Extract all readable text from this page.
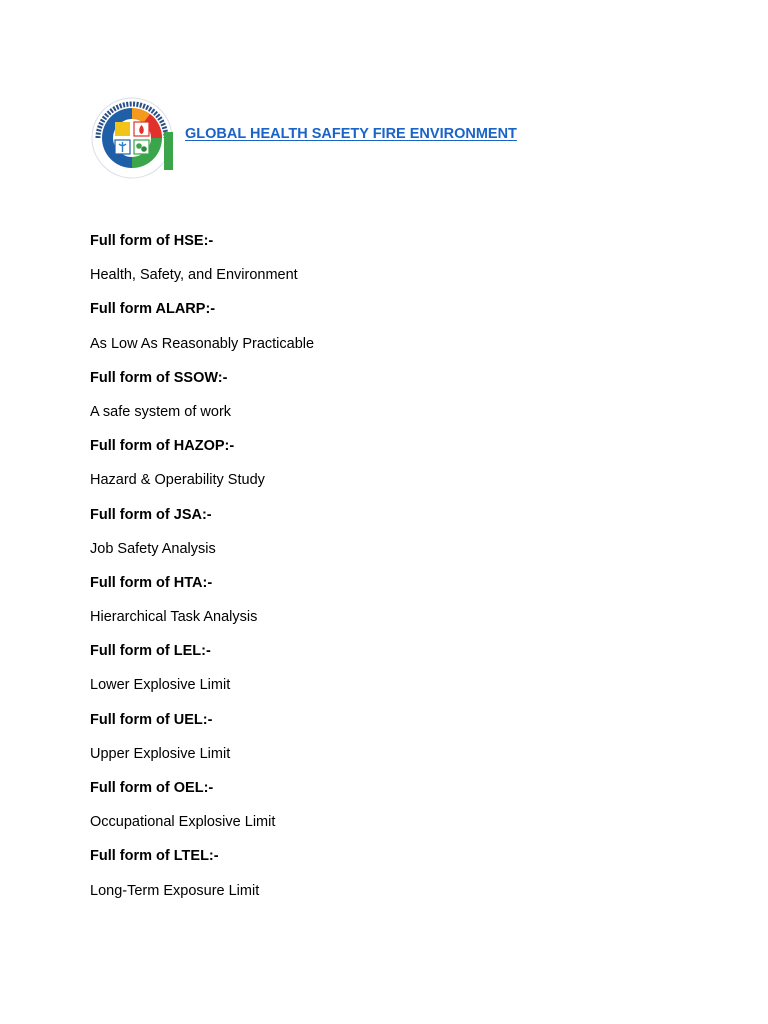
GLOBAL HEALTH SAFETY FIRE ENVIRONMENT
Full form of HSE:-
Health, Safety, and Environment
Full form ALARP:-
As Low As Reasonably Practicable
Full form of SSOW:-
A safe system of work
Full form of HAZOP:-
Hazard & Operability Study
Full form of JSA:-
Job Safety Analysis
Full form of HTA:-
Hierarchical Task Analysis
Full form of LEL:-
Lower Explosive Limit
Full form of UEL:-
Upper Explosive Limit
Full form of OEL:-
Occupational Explosive Limit
Full form of LTEL:-
Long-Term Exposure Limit
